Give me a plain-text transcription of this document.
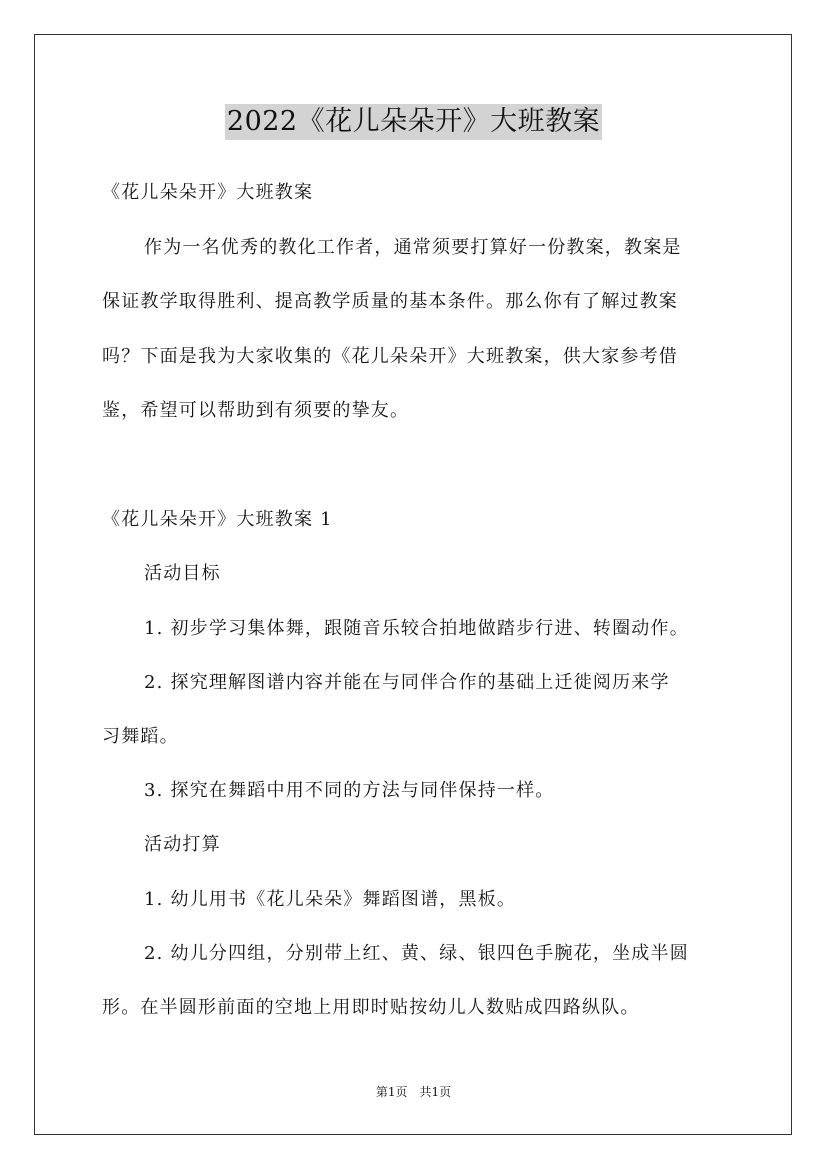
2022《花儿朵朵开》大班教案
《花儿朵朵开》大班教案
作为一名优秀的教化工作者，通常须要打算好一份教案，教案是
保证教学取得胜利、提高教学质量的基本条件。那么你有了解过教案
吗？下面是我为大家收集的《花儿朵朵开》大班教案，供大家参考借
鉴，希望可以帮助到有须要的挚友。
《花儿朵朵开》大班教案 1
活动目标
1. 初步学习集体舞，跟随音乐较合拍地做踏步行进、转圈动作。
2. 探究理解图谱内容并能在与同伴合作的基础上迁徙阅历来学
习舞蹈。
3. 探究在舞蹈中用不同的方法与同伴保持一样。
活动打算
1. 幼儿用书《花儿朵朵》舞蹈图谱，黑板。
2. 幼儿分四组，分别带上红、黄、绿、银四色手腕花，坐成半圆
形。在半圆形前面的空地上用即时贴按幼儿人数贴成四路纵队。
第1页　共1页
